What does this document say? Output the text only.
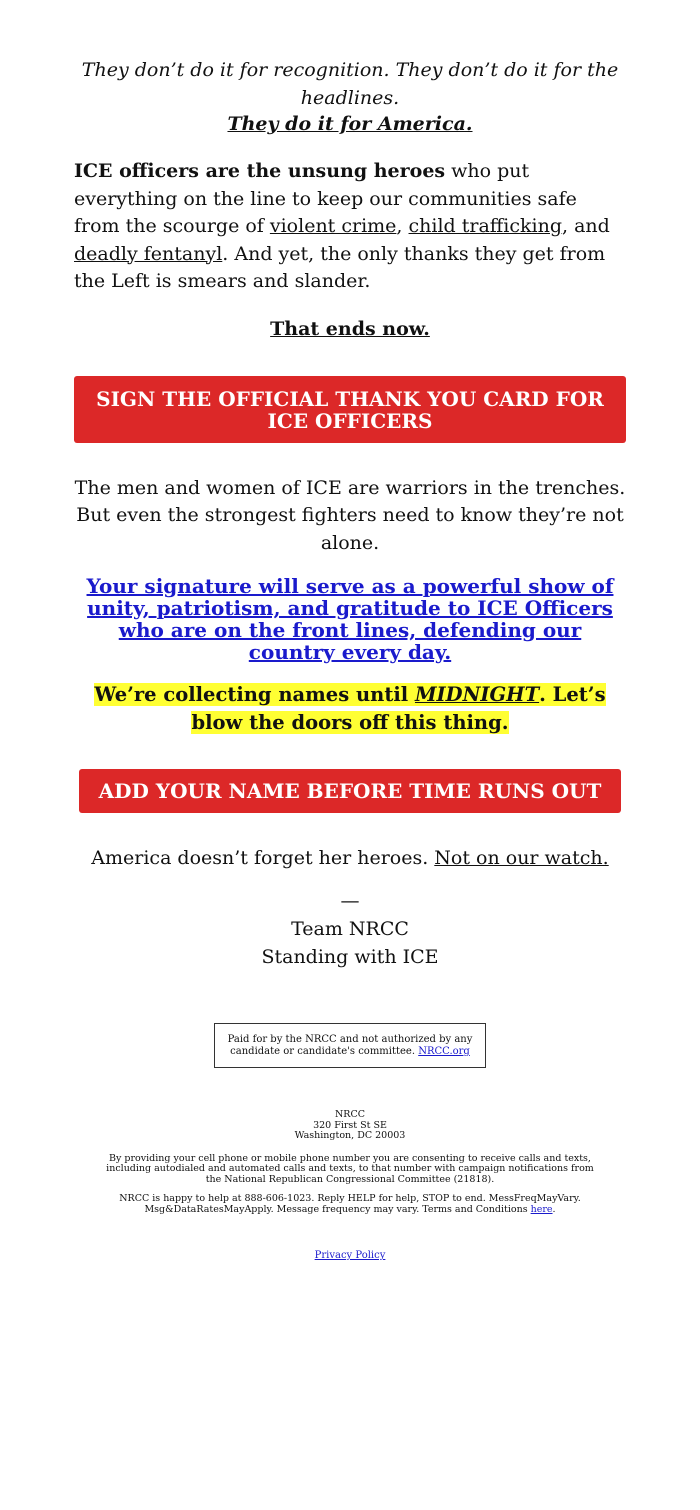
They don’t do it for recognition. They don’t do it for the headlines.

They do it for America.

ICE officers are the unsung heroes who put everything on the line to keep our communities safe from the scourge of violent crime, child trafficking, and deadly fentanyl. And yet, the only thanks they get from the Left is smears and slander.

That ends now.

SIGN THE OFFICIAL THANK YOU CARD FOR ICE OFFICERS

The men and women of ICE are warriors in the trenches. But even the strongest fighters need to know they’re not alone.

Your signature will serve as a powerful show of unity, patriotism, and gratitude to ICE Officers who are on the front lines, defending our country every day.

We’re collecting names until MIDNIGHT. Let’s blow the doors off this thing.

ADD YOUR NAME BEFORE TIME RUNS OUT

America doesn’t forget her heroes. Not on our watch.

—

Team NRCC

Standing with ICE

Paid for by the NRCC and not authorized by any candidate or candidate's committee. NRCC.org
NRCC
320 First St SE
Washington, DC 20003
By providing your cell phone or mobile phone number you are consenting to receive calls and texts, including autodialed and automated calls and texts, to that number with campaign notifications from the National Republican Congressional Committee (21818).
NRCC is happy to help at 888-606-1023. Reply HELP for help, STOP to end. MessFreqMayVary. Msg&DataRatesMayApply. Message frequency may vary. Terms and Conditions here.
Privacy Policy
